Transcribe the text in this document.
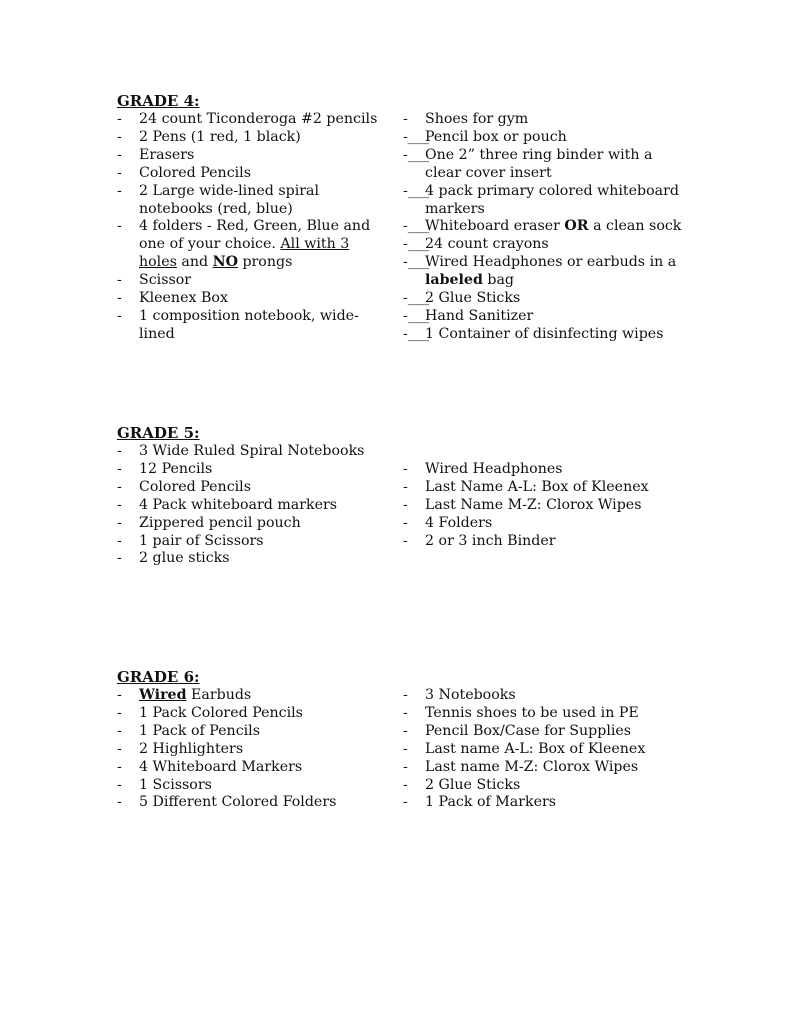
GRADE 4:
- 24 count Ticonderoga #2 pencils
- 2 Pens (1 red, 1 black)
- Erasers
- Colored Pencils
- 2 Large wide-lined spiral notebooks (red, blue)
- 4 folders - Red, Green, Blue and one of your choice. All with 3 holes and NO prongs
- Scissor
- Kleenex Box
- 1 composition notebook, wide-lined
- Shoes for gym
-___
Pencil box or pouch
-___
One 2” three ring binder with a clear cover insert
-___
4 pack primary colored whiteboard markers
-___
Whiteboard eraser OR a clean sock
-___
24 count crayons
-___
Wired Headphones or earbuds in a labeled bag
-___
2 Glue Sticks
-___
Hand Sanitizer
-___
1 Container of disinfecting wipes
GRADE 5:
- 3 Wide Ruled Spiral Notebooks
- 12 Pencils
- Colored Pencils
- 4 Pack whiteboard markers
- Zippered pencil pouch
- 1 pair of Scissors
- 2 glue sticks
- Wired Headphones
- Last Name A-L: Box of Kleenex
- Last Name M-Z: Clorox Wipes
- 4 Folders
- 2 or 3 inch Binder
GRADE 6:
- Wired Earbuds
- 1 Pack Colored Pencils
- 1 Pack of Pencils
- 2 Highlighters
- 4 Whiteboard Markers
- 1 Scissors
- 5 Different Colored Folders
- 3 Notebooks
- Tennis shoes to be used in PE
- Pencil Box/Case for Supplies
- Last name A-L: Box of Kleenex
- Last name M-Z: Clorox Wipes
- 2 Glue Sticks
- 1 Pack of Markers
